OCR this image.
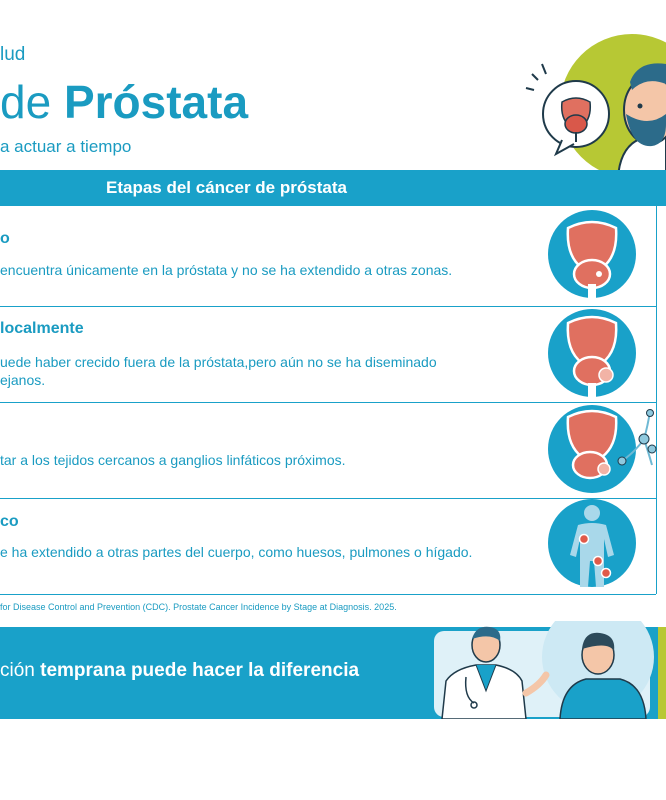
lud
de Próstata
a actuar a tiempo
Etapas del cáncer de próstata
o
encuentra únicamente en la próstata y no se ha extendido a otras zonas.
localmente
uede haber crecido fuera de la próstata,pero aún no se ha diseminado
ejanos.
tar a los tejidos cercanos a ganglios linfáticos próximos.
co
e ha extendido a otras partes del cuerpo, como huesos, pulmones o hígado.
for Disease Control and Prevention (CDC). Prostate Cancer Incidence by Stage at Diagnosis. 2025.
ción temprana puede hacer la diferencia
